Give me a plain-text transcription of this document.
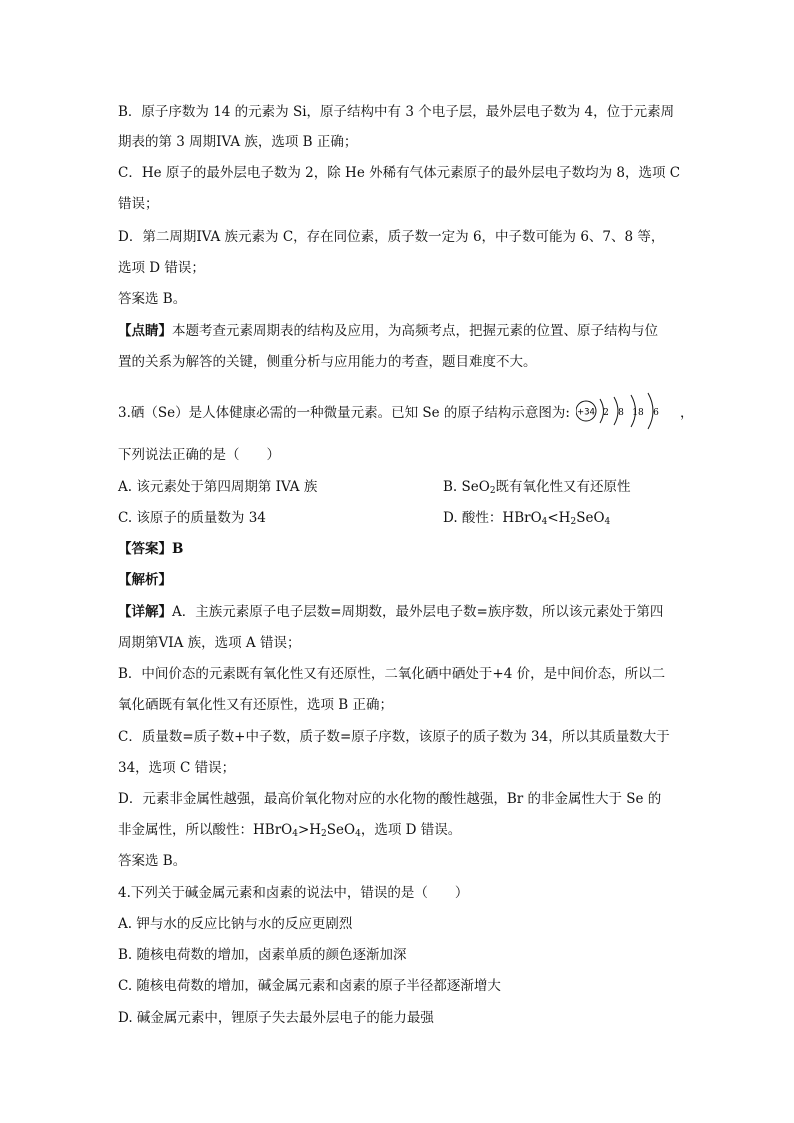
B．原子序数为 14 的元素为 Si，原子结构中有 3 个电子层，最外层电子数为 4，位于元素周
期表的第 3 周期IVA 族，选项 B 正确；
C．He 原子的最外层电子数为 2，除 He 外稀有气体元素原子的最外层电子数均为 8，选项 C
错误；
D．第二周期IVA 族元素为 C，存在同位素，质子数一定为 6，中子数可能为 6、7、8 等，
选项 D 错误；
答案选 B。
【点睛】本题考查元素周期表的结构及应用，为高频考点，把握元素的位置、原子结构与位
置的关系为解答的关键，侧重分析与应用能力的考查，题目难度不大。
3.硒（Se）是人体健康必需的一种微量元素。已知 Se 的原子结构示意图为: +34 2 8 18 6 ，
下列说法正确的是（　　）
A. 该元素处于第四周期第 IVA 族	B. SeO$_2$既有氧化性又有还原性
C. 该原子的质量数为 34	D. 酸性：$HBrO_4<H_2SeO_4$
【答案】B
【解析】
【详解】A．主族元素原子电子层数=周期数，最外层电子数=族序数，所以该元素处于第四
周期第VIA 族，选项 A 错误；
B．中间价态的元素既有氧化性又有还原性，二氧化硒中硒处于+4 价，是中间价态，所以二
氧化硒既有氧化性又有还原性，选项 B 正确；
C．质量数=质子数+中子数，质子数=原子序数，该原子的质子数为 34，所以其质量数大于
34，选项 C 错误；
D．元素非金属性越强，最高价氧化物对应的水化物的酸性越强，Br 的非金属性大于 Se 的
非金属性，所以酸性：$HBrO_4>H_2SeO_4$，选项 D 错误。
答案选 B。
4.下列关于碱金属元素和卤素的说法中，错误的是（　　）
A. 钾与水的反应比钠与水的反应更剧烈
B. 随核电荷数的增加，卤素单质的颜色逐渐加深
C. 随核电荷数的增加，碱金属元素和卤素的原子半径都逐渐增大
D. 碱金属元素中，锂原子失去最外层电子的能力最强
